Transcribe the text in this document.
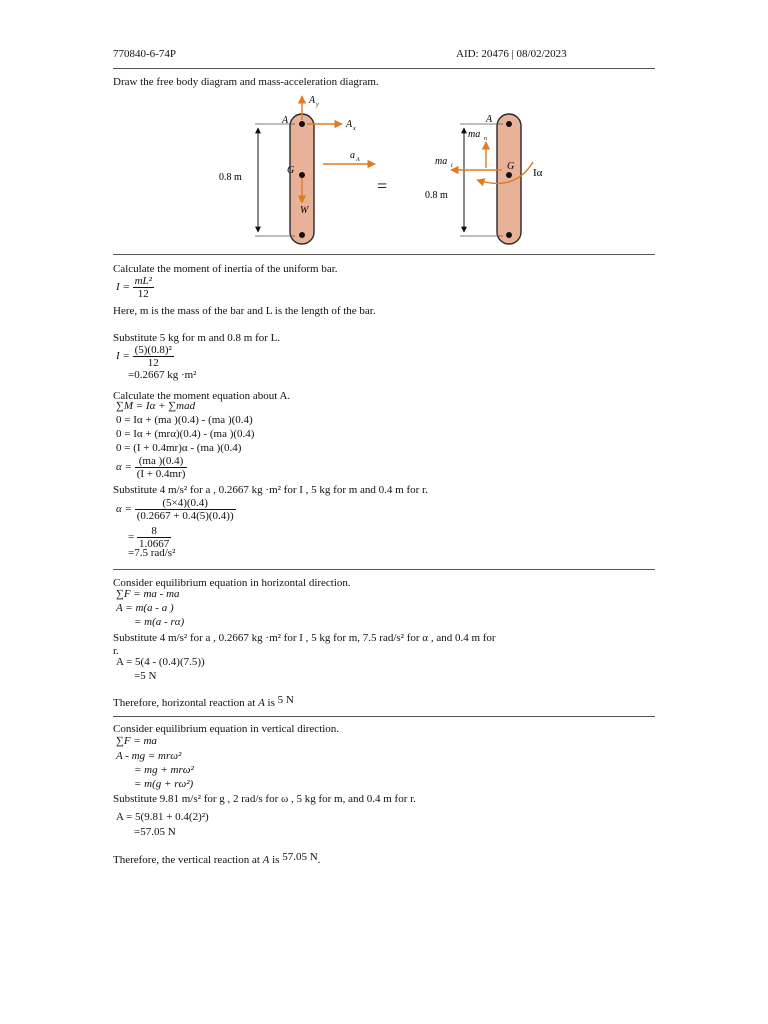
770840-6-74P	AID: 20476 | 08/02/2023
Draw the free body diagram and mass-acceleration diagram.
A
A y
A x
G
W
0.8 m
a A
=
A
ma n
ma t	G
Iα
0.8 m
Calculate the moment of inertia of the uniform bar.
$I = \frac{\text{mL²}}{12}$
Here, m is the mass of the bar and L is the length of the bar.
Substitute 5 kg for m and 0.8 m for L.
$I = \frac{\text{(5)(0.8)²}}{12}$
=0.2667 kg ·m²
Calculate the moment equation about A.
∑M = Iα + ∑mad
0 = Iα + (ma )(0.4) - (ma )(0.4)
0 = Iα + (mrα)(0.4) - (ma )(0.4)
0 = (I + 0.4mr)α - (ma )(0.4)
$\alpha = \frac{(ma )(0.4)}{(I + 0.4mr)}$
Substitute 4 m/s² for a , 0.2667 kg ·m² for I , 5 kg for m and 0.4 m for r.
$\alpha = \frac{(5\times 4)(0.4)}{(0.2667 + 0.4(5)(0.4))}$
= $\frac{8}{1.0667}$
=7.5 rad/s²
Consider equilibrium equation in horizontal direction.
∑F = ma - ma
A = m(a - a )
= m(a - rα)
Substitute 4 m/s² for a , 0.2667 kg ·m² for I , 5 kg for m, 7.5 rad/s² for α , and 0.4 m for
r.
A = 5(4 - (0.4)(7.5))
=5 N
Therefore, horizontal reaction at A is 5 N
Consider equilibrium equation in vertical direction.
∑F = ma
A - mg = mrω²
= mg + mrω²
= m(g + rω²)
Substitute 9.81 m/s² for g , 2 rad/s for ω , 5 kg for m, and 0.4 m for r.
A = 5(9.81 + 0.4(2)²)
=57.05 N
Therefore, the vertical reaction at A is 57.05 N.
